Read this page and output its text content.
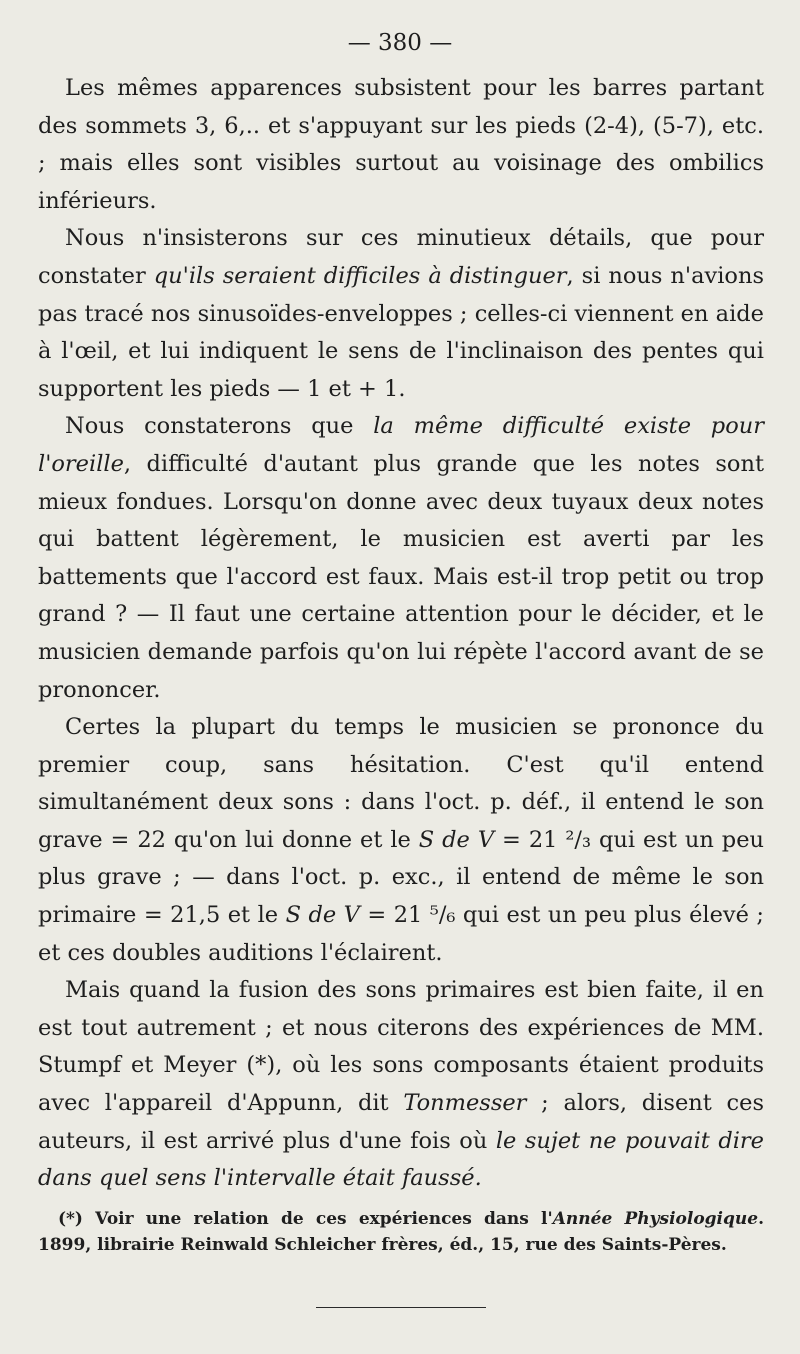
— 380 —

Les mêmes apparences subsistent pour les barres partant des sommets 3, 6,.. et s'appuyant sur les pieds (2-4), (5-7), etc. ; mais elles sont visibles surtout au voisinage des ombilics inférieurs.

Nous n'insisterons sur ces minutieux détails, que pour constater qu'ils seraient difficiles à distinguer, si nous n'avions pas tracé nos sinusoïdes-enveloppes ; celles-ci viennent en aide à l'œil, et lui indiquent le sens de l'inclinaison des pentes qui supportent les pieds — 1 et + 1.

Nous constaterons que la même difficulté existe pour l'oreille, difficulté d'autant plus grande que les notes sont mieux fondues. Lorsqu'on donne avec deux tuyaux deux notes qui battent légèrement, le musicien est averti par les battements que l'accord est faux. Mais est-il trop petit ou trop grand ? — Il faut une certaine attention pour le décider, et le musicien demande parfois qu'on lui répète l'accord avant de se prononcer.

Certes la plupart du temps le musicien se prononce du premier coup, sans hésitation. C'est qu'il entend simultanément deux sons : dans l'oct. p. déf., il entend le son grave = 22 qu'on lui donne et le S de V = 21 ²/₃ qui est un peu plus grave ; — dans l'oct. p. exc., il entend de même le son primaire = 21,5 et le S de V = 21 ⁵/₆ qui est un peu plus élevé ; et ces doubles auditions l'éclairent.

Mais quand la fusion des sons primaires est bien faite, il en est tout autrement ; et nous citerons des expériences de MM. Stumpf et Meyer (*), où les sons composants étaient produits avec l'appareil d'Appunn, dit Tonmesser ; alors, disent ces auteurs, il est arrivé plus d'une fois où le sujet ne pouvait dire dans quel sens l'intervalle était faussé.

(*) Voir une relation de ces expériences dans l'Année Physiologique. 1899, librairie Reinwald Schleicher frères, éd., 15, rue des Saints-Pères.
